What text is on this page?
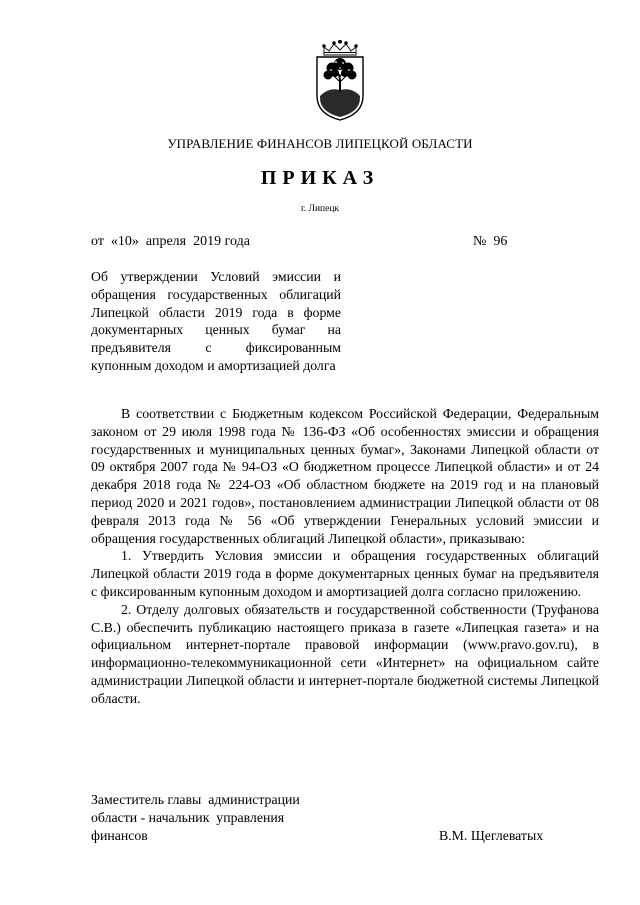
УПРАВЛЕНИЕ ФИНАНСОВ ЛИПЕЦКОЙ ОБЛАСТИ
ПРИКАЗ
г. Липецк
от  «10»  апреля  2019 года	№  96
Об утверждении Условий эмиссии и обращения государственных облигаций Липецкой области 2019 года в форме документарных ценных бумаг на предъявителя с фиксированным купонным доходом и амортизацией долга

В соответствии с Бюджетным кодексом Российской Федерации, Федеральным законом от 29 июля 1998 года № 136-ФЗ «Об особенностях эмиссии и обращения государственных и муниципальных ценных бумаг», Законами Липецкой области от 09 октября 2007 года № 94-ОЗ «О бюджетном процессе Липецкой области» и от 24 декабря 2018 года № 224-ОЗ «Об областном бюджете на 2019 год и на плановый период 2020 и 2021 годов», постановлением администрации Липецкой области от 08 февраля 2013 года № 56 «Об утверждении Генеральных условий эмиссии и обращения государственных облигаций Липецкой области», приказываю:

1. Утвердить Условия эмиссии и обращения государственных облигаций Липецкой области 2019 года в форме документарных ценных бумаг на предъявителя с фиксированным купонным доходом и амортизацией долга согласно приложению.

2. Отделу долговых обязательств и государственной собственности (Труфанова С.В.) обеспечить публикацию настоящего приказа в газете «Липецкая газета» и на официальном интернет-портале правовой информации (www.pravo.gov.ru), в информационно-телекоммуникационной сети «Интернет» на официальном сайте администрации Липецкой области и интернет-портале бюджетной системы Липецкой области.

Заместитель главы  администрации
области - начальник  управления
финансов	В.М. Щеглеватых
